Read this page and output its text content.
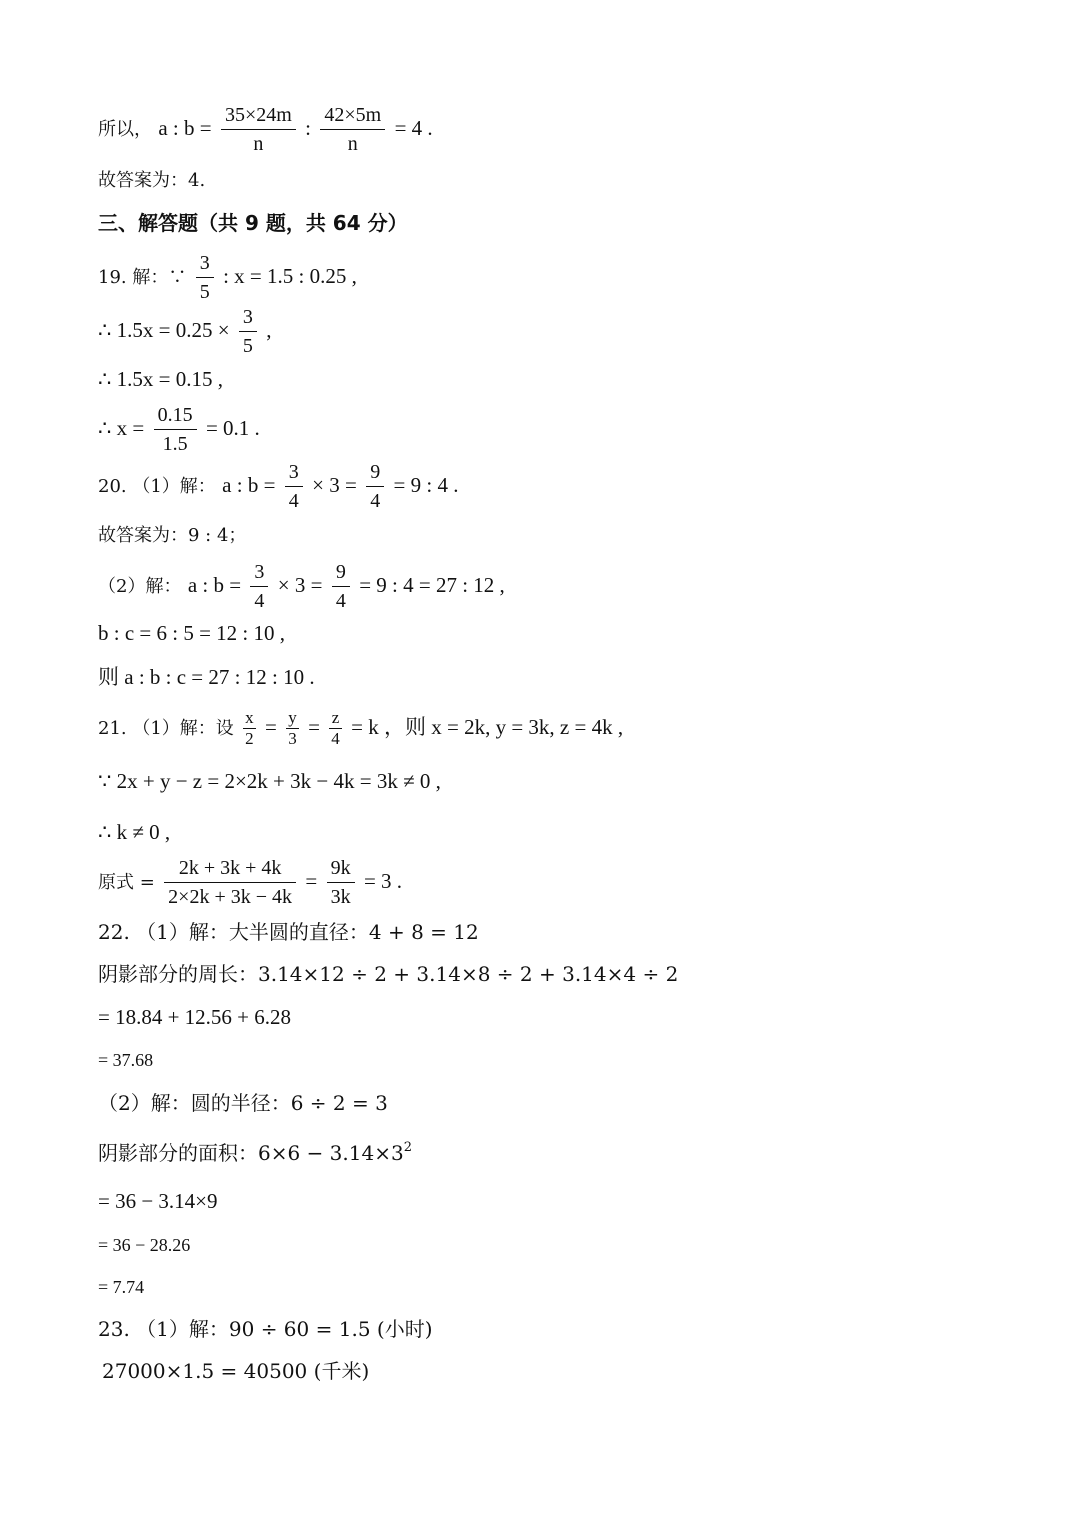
所以， a : $b = \frac{35\times 24m}{n}$ : $\frac{42\times 5m}{n} = 4$ .
故答案为：4.
三、解答题（共 9 题，共 64 分）
19. 解：∵ $\frac{3}{5}$ : x = 1.5 : 0.25 ,
∴ $1.5x = 0.25 \times \frac{3}{5}$ ,
∴ 1.5x = 0.15 ,
∴ $x = \frac{0.15}{1.5} = 0.1$ .
20. （1）解： a : $b = \frac{3}{4} \times 3 = \frac{9}{4} = 9$ : 4 .
故答案为：9 : 4；
（2）解： a : $b = \frac{3}{4} \times 3 = \frac{9}{4} = 9$ : 4 = 27 : 12 ,
b : c = 6 : 5 = 12 : 10 ,
则 a : b : c = 27 : 12 : 10 .
21. （1）解：设 $\frac{x}{2} = \frac{y}{3} = \frac{z}{4} = k$ ，则 x = 2k, y = 3k, z = 4k ,
∵ 2x + y − z = 2×2k + 3k − 4k = 3k ≠ 0 ,
∴ k ≠ 0 ,
原式 = $\frac{2k + 3k + 4k}{2\times 2k + 3k - 4k} = \frac{9k}{3k} = 3$ .
22. （1）解：大半圆的直径：4 + 8 = 12
阴影部分的周长：3.14×12 ÷ 2 + 3.14×8 ÷ 2 + 3.14×4 ÷ 2
= 18.84 + 12.56 + 6.28
= 37.68
（2）解：圆的半径：6 ÷ 2 = 3
阴影部分的面积：$6\times 6 - 3.14\times 3^2$
= 36 − 3.14×9
= 36 − 28.26
= 7.74
23. （1）解：90 ÷ 60 = 1.5 (小时)
27000×1.5 = 40500 (千米)
